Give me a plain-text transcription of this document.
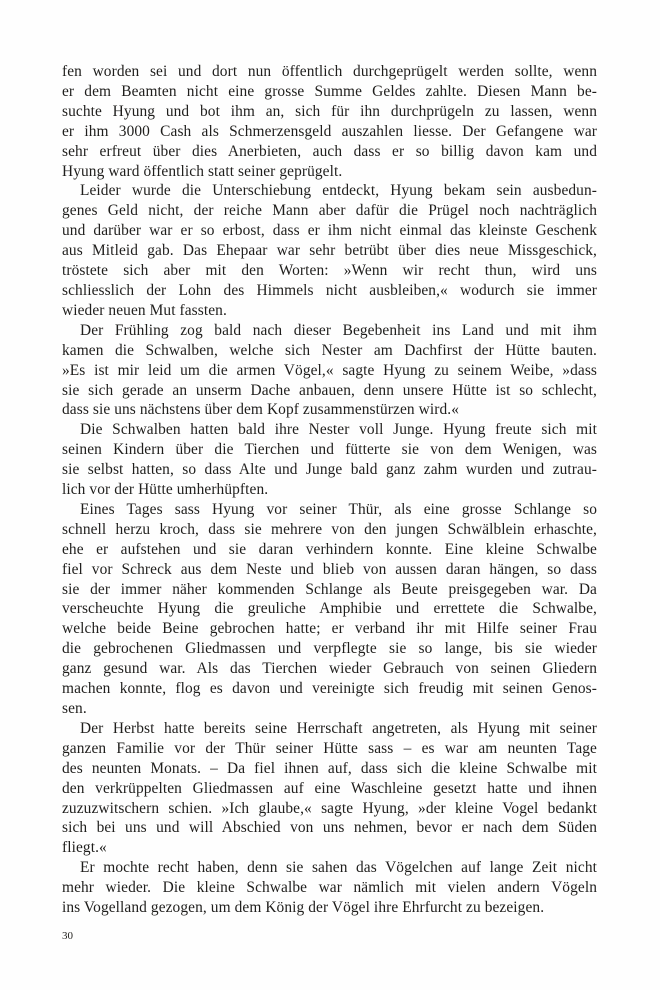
fen worden sei und dort nun öffentlich durchgeprügelt werden sollte, wenn
er dem Beamten nicht eine grosse Summe Geldes zahlte. Diesen Mann be-
suchte Hyung und bot ihm an, sich für ihn durchprügeln zu lassen, wenn
er ihm 3000 Cash als Schmerzensgeld auszahlen liesse. Der Gefangene war
sehr erfreut über dies Anerbieten, auch dass er so billig davon kam und
Hyung ward öffentlich statt seiner geprügelt.

Leider wurde die Unterschiebung entdeckt, Hyung bekam sein ausbedun-
genes Geld nicht, der reiche Mann aber dafür die Prügel noch nachträglich
und darüber war er so erbost, dass er ihm nicht einmal das kleinste Geschenk
aus Mitleid gab. Das Ehepaar war sehr betrübt über dies neue Missgeschick,
tröstete sich aber mit den Worten: »Wenn wir recht thun, wird uns
schliesslich der Lohn des Himmels nicht ausbleiben,« wodurch sie immer
wieder neuen Mut fassten.

Der Frühling zog bald nach dieser Begebenheit ins Land und mit ihm
kamen die Schwalben, welche sich Nester am Dachfirst der Hütte bauten.
»Es ist mir leid um die armen Vögel,« sagte Hyung zu seinem Weibe, »dass
sie sich gerade an unserm Dache anbauen, denn unsere Hütte ist so schlecht,
dass sie uns nächstens über dem Kopf zusammenstürzen wird.«

Die Schwalben hatten bald ihre Nester voll Junge. Hyung freute sich mit
seinen Kindern über die Tierchen und fütterte sie von dem Wenigen, was
sie selbst hatten, so dass Alte und Junge bald ganz zahm wurden und zutrau-
lich vor der Hütte umherhüpften.

Eines Tages sass Hyung vor seiner Thür, als eine grosse Schlange so
schnell herzu kroch, dass sie mehrere von den jungen Schwälblein erhaschte,
ehe er aufstehen und sie daran verhindern konnte. Eine kleine Schwalbe
fiel vor Schreck aus dem Neste und blieb von aussen daran hängen, so dass
sie der immer näher kommenden Schlange als Beute preisgegeben war. Da
verscheuchte Hyung die greuliche Amphibie und errettete die Schwalbe,
welche beide Beine gebrochen hatte; er verband ihr mit Hilfe seiner Frau
die gebrochenen Gliedmassen und verpflegte sie so lange, bis sie wieder
ganz gesund war. Als das Tierchen wieder Gebrauch von seinen Gliedern
machen konnte, flog es davon und vereinigte sich freudig mit seinen Genos-
sen.

Der Herbst hatte bereits seine Herrschaft angetreten, als Hyung mit seiner
ganzen Familie vor der Thür seiner Hütte sass – es war am neunten Tage
des neunten Monats. – Da fiel ihnen auf, dass sich die kleine Schwalbe mit
den verkrüppelten Gliedmassen auf eine Waschleine gesetzt hatte und ihnen
zuzuzwitschern schien. »Ich glaube,« sagte Hyung, »der kleine Vogel bedankt
sich bei uns und will Abschied von uns nehmen, bevor er nach dem Süden
fliegt.«

Er mochte recht haben, denn sie sahen das Vögelchen auf lange Zeit nicht
mehr wieder. Die kleine Schwalbe war nämlich mit vielen andern Vögeln
ins Vogelland gezogen, um dem König der Vögel ihre Ehrfurcht zu bezeigen.

30
